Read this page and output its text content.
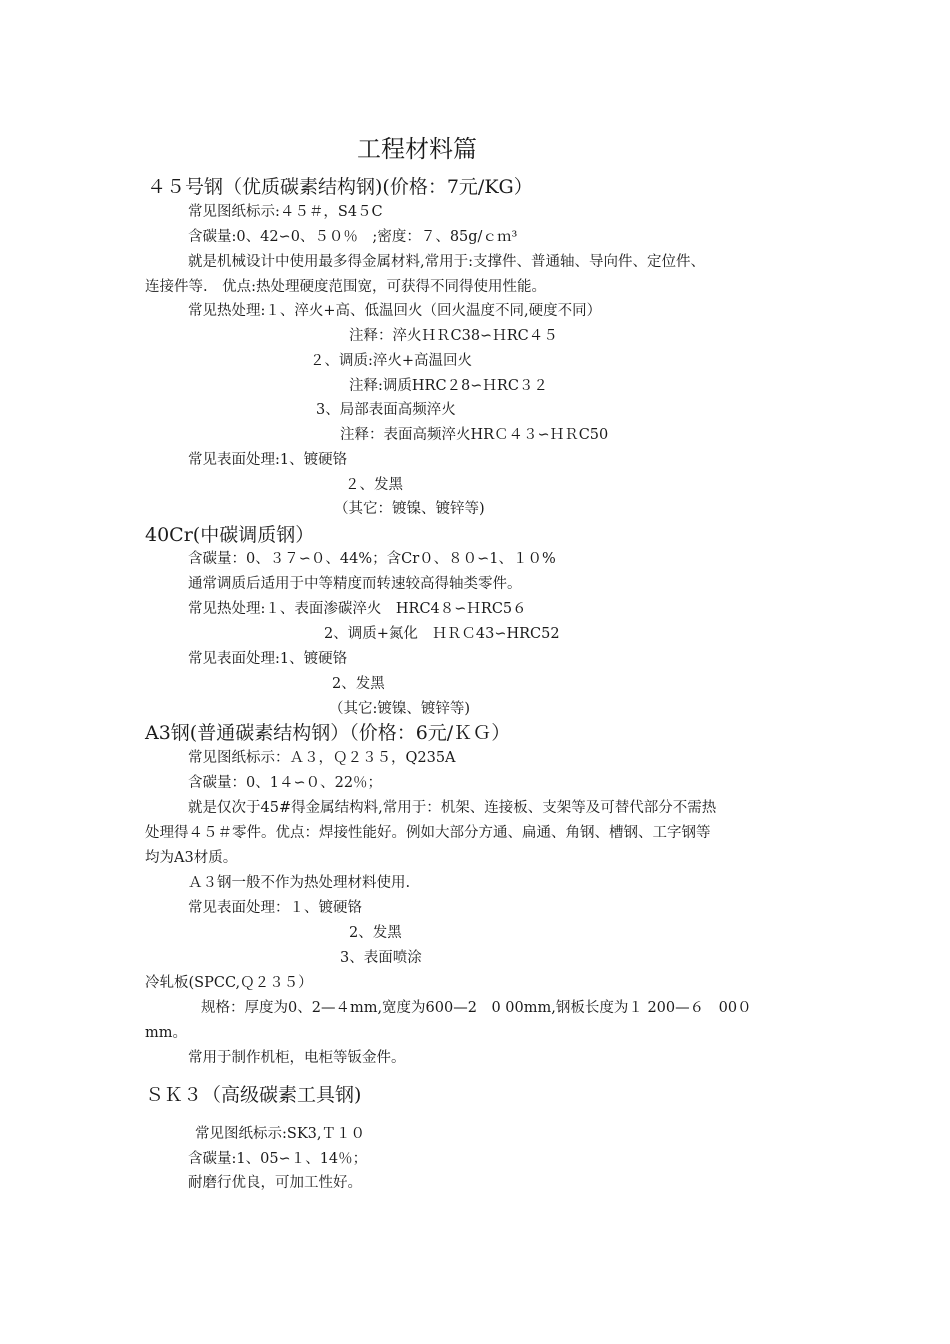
工程材料篇
４５号钢（优质碳素结构钢)(价格：7元/KG）
常见图纸标示:４５＃，S4５C
含碳量:0、42∽0、５０％　;密度：７、85g/ｃｍ³
就是机械设计中使用最多得金属材料,常用于:支撑件、普通轴、导向件、定位件、
连接件等.　优点:热处理硬度范围宽，可获得不同得使用性能。
常见热处理:１、淬火+高、低温回火（回火温度不同,硬度不同）
注释：淬火ＨＲC38∽ＨRC４５
２、调质:淬火+高温回火
注释:调质HRC２8∽ＨRC３２
3、局部表面高频淬火
注释：表面高频淬火HRＣ４３∽ＨＲC50
常见表面处理:1、镀硬铬
２、发黑
（其它：镀镍、镀锌等)
40Cr(中碳调质钢）
含碳量：0、３７∽０、44%；含Cr０、８０∽1、１０%
通常调质后适用于中等精度而转速较高得轴类零件。
常见热处理:１、表面渗碳淬火　HRC4８∽ＨRC5６
2、调质+氮化　ＨＲＣ43∽HRC52
常见表面处理:1、镀硬铬
2、发黑
（其它:镀镍、镀锌等)
A3钢(普通碳素结构钢）（价格：6元/ＫＧ）
常见图纸标示：Ａ３，Ｑ２３５，Q235A
含碳量：0、1４∽０、22％；
就是仅次于45#得金属结构料,常用于：机架、连接板、支架等及可替代部分不需热
处理得４５＃零件。优点：焊接性能好。例如大部分方通、扁通、角钢、槽钢、工字钢等
均为A3材质。
Ａ３钢一般不作为热处理材料使用.
常见表面处理：１、镀硬铬
2、发黑
3、表面喷涂
冷轧板(SPCC,Ｑ２３５）
规格：厚度为0、2—４mm,宽度为600—2　0 00mm,钢板长度为１ 200—６　00０
mm。
常用于制作机柜，电柜等钣金件。
ＳＫ３（高级碳素工具钢)
常见图纸标示:SK3,Ｔ１０
含碳量:1、05∽１、14％；
耐磨行优良，可加工性好。
